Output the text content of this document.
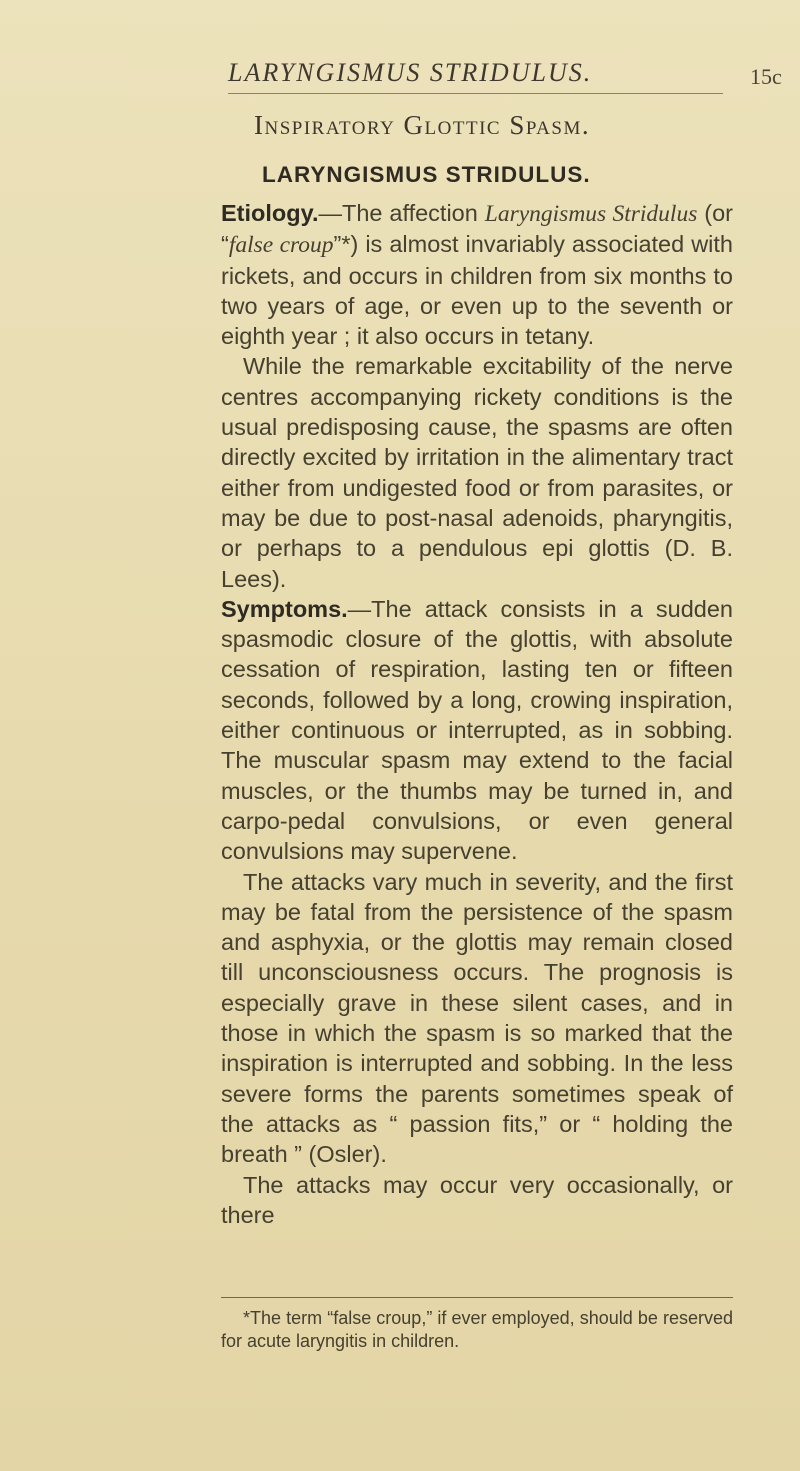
LARYNGISMUS STRIDULUS.	15c
Inspiratory Glottic Spasm.
LARYNGISMUS STRIDULUS.

Etiology.—The affection Laryngismus Stridulus (or “false croup”*) is almost invariably associated with rickets, and occurs in children from six months to two years of age, or even up to the seventh or eighth year ; it also occurs in tetany.

While the remarkable excitability of the nerve centres accompanying rickety conditions is the usual predisposing cause, the spasms are often directly excited by irritation in the alimentary tract either from undigested food or from parasites, or may be due to post-nasal adenoids, pharyngitis, or perhaps to a pendulous epi glottis (D. B. Lees).

Symptoms.—The attack consists in a sudden spasmodic closure of the glottis, with absolute cessation of respiration, lasting ten or fifteen seconds, followed by a long, crowing inspiration, either continuous or interrupted, as in sobbing. The muscular spasm may extend to the facial muscles, or the thumbs may be turned in, and carpo-pedal convulsions, or even general convulsions may supervene.

The attacks vary much in severity, and the first may be fatal from the persistence of the spasm and asphyxia, or the glottis may remain closed till unconsciousness occurs. The prognosis is especially grave in these silent cases, and in those in which the spasm is so marked that the inspiration is interrupted and sobbing. In the less severe forms the parents sometimes speak of the attacks as “ passion fits,” or “ holding the breath ” (Osler).

The attacks may occur very occasionally, or there

*The term “false croup,” if ever employed, should be reserved for acute laryngitis in children.
